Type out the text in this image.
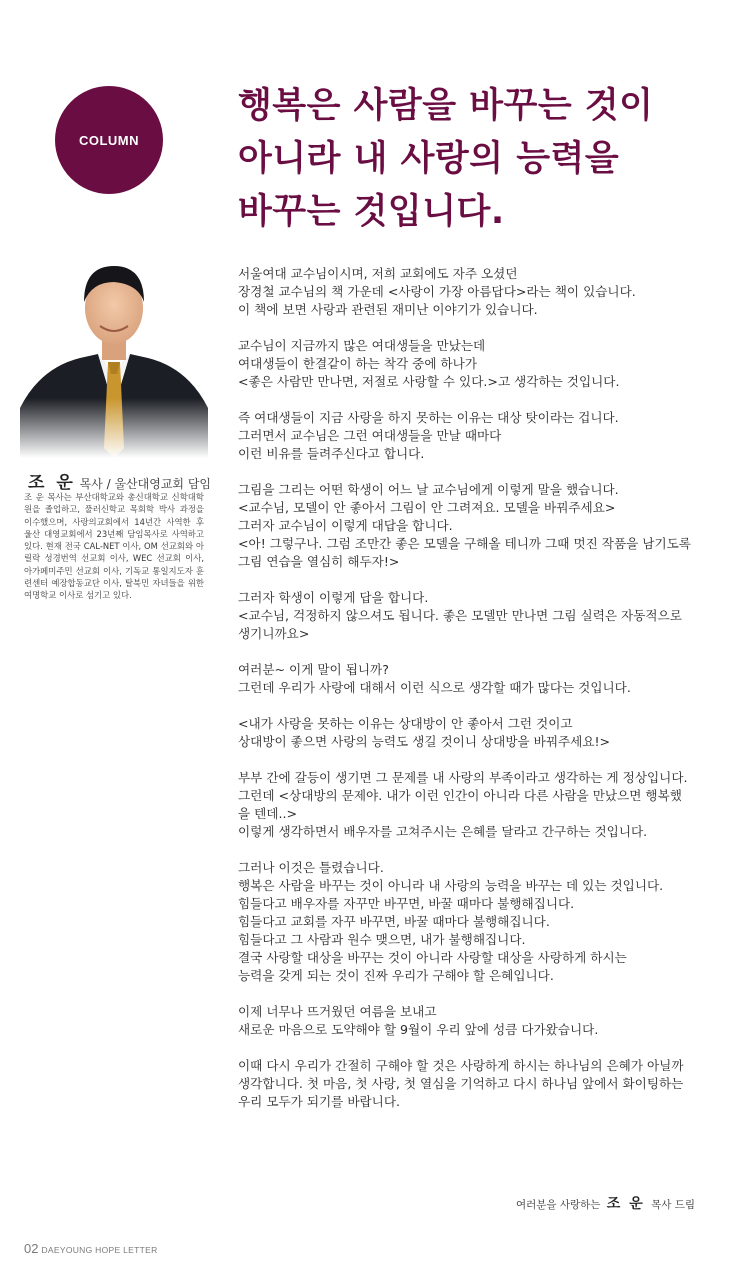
COLUMN
행복은 사람을 바꾸는 것이
아니라 내 사랑의 능력을
바꾸는 것입니다.
조 운 목사 / 울산대영교회 담임
조 운 목사는 부산대학교와 총신대학교 신학대학원을 졸업하고, 풀러신학교 목회학 박사 과정을 이수했으며, 사랑의교회에서 14년간 사역한 후 울산 대영교회에서 23년째 담임목사로 사역하고 있다. 현재 전국 CAL-NET 이사, OM 선교회와 아릴락 성경번역 선교회 이사, WEC 선교회 이사, 아가페미주민 선교회 이사, 기독교 통일지도자 훈련센터 예장합동교단 이사, 탈북민 자녀들을 위한 여명학교 이사로 섬기고 있다.

서울여대 교수님이시며, 저희 교회에도 자주 오셨던
장경철 교수님의 책 가운데 <사랑이 가장 아름답다>라는 책이 있습니다.
이 책에 보면 사랑과 관련된 재미난 이야기가 있습니다.

교수님이 지금까지 많은 여대생들을 만났는데
여대생들이 한결같이 하는 착각 중에 하나가
<좋은 사람만 만나면, 저절로 사랑할 수 있다.>고 생각하는 것입니다.

즉 여대생들이 지금 사랑을 하지 못하는 이유는 대상 탓이라는 겁니다.
그러면서 교수님은 그런 여대생들을 만날 때마다
이런 비유를 들려주신다고 합니다.

그림을 그리는 어떤 학생이 어느 날 교수님에게 이렇게 말을 했습니다.
<교수님, 모델이 안 좋아서 그림이 안 그려져요. 모델을 바꿔주세요>
그러자 교수님이 이렇게 대답을 합니다.
<아! 그렇구나. 그럼 조만간 좋은 모델을 구해올 테니까 그때 멋진 작품을 남기도록
그림 연습을 열심히 해두자!>

그러자 학생이 이렇게 답을 합니다.
<교수님, 걱정하지 않으셔도 됩니다. 좋은 모델만 만나면 그림 실력은 자동적으로
생기니까요>

여러분~ 이게 말이 됩니까?
그런데 우리가 사랑에 대해서 이런 식으로 생각할 때가 많다는 것입니다.

<내가 사랑을 못하는 이유는 상대방이 안 좋아서 그런 것이고
상대방이 좋으면 사랑의 능력도 생길 것이니 상대방을 바꿔주세요!>

부부 간에 갈등이 생기면 그 문제를 내 사랑의 부족이라고 생각하는 게 정상입니다.
그런데 <상대방의 문제야. 내가 이런 인간이 아니라 다른 사람을 만났으면 행복했
을 텐데..>
이렇게 생각하면서 배우자를 고쳐주시는 은혜를 달라고 간구하는 것입니다.

그러나 이것은 틀렸습니다.
행복은 사람을 바꾸는 것이 아니라 내 사랑의 능력을 바꾸는 데 있는 것입니다.
힘들다고 배우자를 자꾸만 바꾸면, 바꿀 때마다 불행해집니다.
힘들다고 교회를 자꾸 바꾸면, 바꿀 때마다 불행해집니다.
힘들다고 그 사람과 원수 맺으면, 내가 불행해집니다.
결국 사랑할 대상을 바꾸는 것이 아니라 사랑할 대상을 사랑하게 하시는
능력을 갖게 되는 것이 진짜 우리가 구해야 할 은혜입니다.

이제 너무나 뜨거웠던 여름을 보내고
새로운 마음으로 도약해야 할 9월이 우리 앞에 성큼 다가왔습니다.

이때 다시 우리가 간절히 구해야 할 것은 사랑하게 하시는 하나님의 은혜가 아닐까
생각합니다. 첫 마음, 첫 사랑, 첫 열심을 기억하고 다시 하나님 앞에서 화이팅하는
우리 모두가 되기를 바랍니다.

여러분을 사랑하는 조 운 목사 드림
02 DAEYOUNG HOPE LETTER
